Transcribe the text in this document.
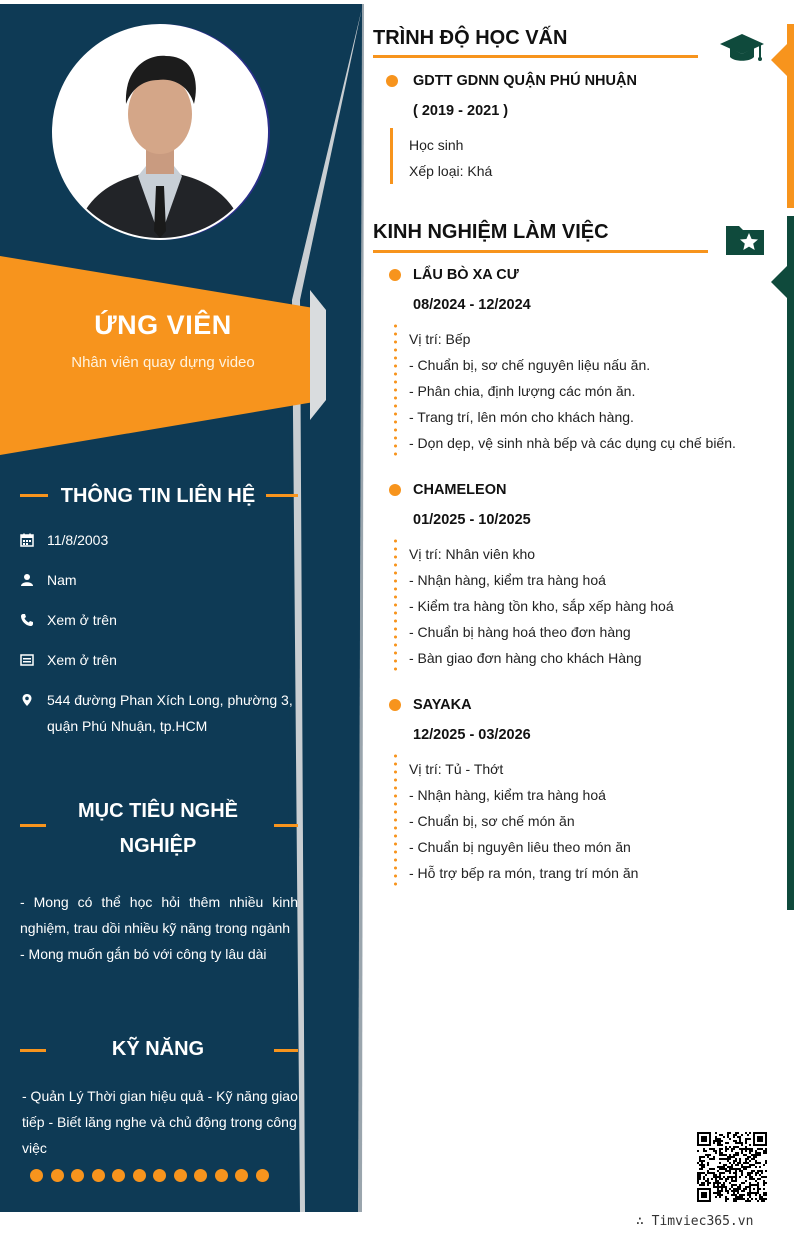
ỨNG VIÊN
Nhân viên quay dựng video
THÔNG TIN LIÊN HỆ
11/8/2003
Nam
Xem ở trên
Xem ở trên
544 đường Phan Xích Long, phường 3,
quận Phú Nhuận, tp.HCM
MỤC TIÊU NGHỀ
NGHIỆP
- Mong có thể học hỏi thêm nhiều kinh
nghiệm, trau dồi nhiều kỹ năng trong ngành
- Mong muốn gắn bó với công ty lâu dài
KỸ NĂNG
- Quản Lý Thời gian hiệu quả - Kỹ năng giao
tiếp - Biết lăng nghe và chủ động trong công
việc
TRÌNH ĐỘ HỌC VẤN
GDTT GDNN QUẬN PHÚ NHUẬN
( 2019 - 2021 )
Học sinh
Xếp loại: Khá
KINH NGHIỆM LÀM VIỆC
LẨU BÒ XA CƯ
08/2024 - 12/2024
Vị trí: Bếp
- Chuẩn bị, sơ chế nguyên liệu nấu ăn.
- Phân chia, định lượng các món ăn.
- Trang trí, lên món cho khách hàng.
- Dọn dẹp, vệ sinh nhà bếp và các dụng cụ chế biến.
CHAMELEON
01/2025 - 10/2025
Vị trí: Nhân viên kho
- Nhận hàng, kiểm tra hàng hoá
- Kiểm tra hàng tồn kho, sắp xếp hàng hoá
- Chuẩn bị hàng hoá theo đơn hàng
- Bàn giao đơn hàng cho khách Hàng
SAYAKA
12/2025 - 03/2026
Vị trí: Tủ - Thớt
- Nhận hàng, kiểm tra hàng hoá
- Chuẩn bị, sơ chế món ăn
- Chuẩn bị nguyên liêu theo món ăn
- Hỗ trợ bếp ra món, trang trí món ăn
∴ Timviec365.vn
